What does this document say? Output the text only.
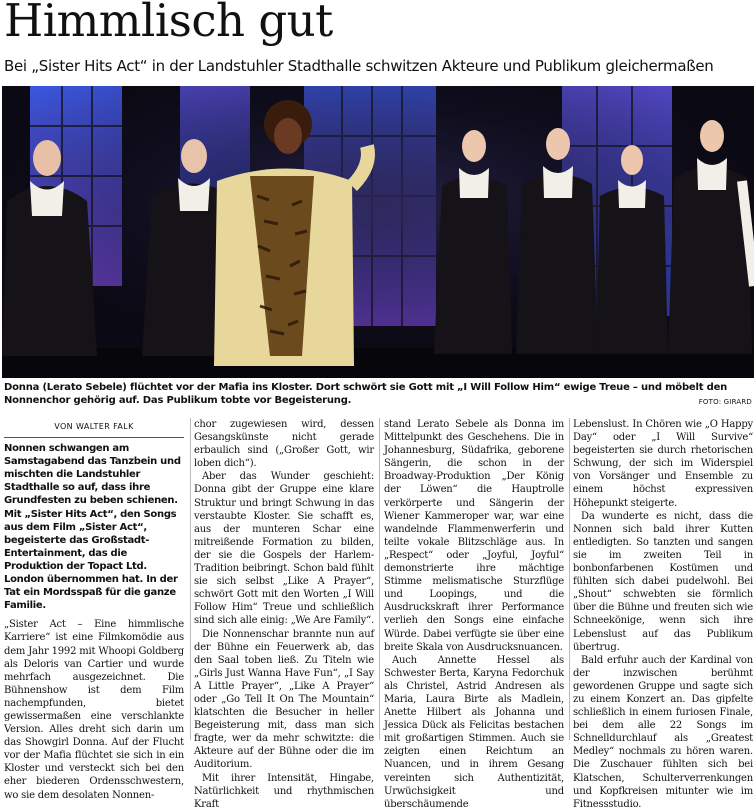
Himmlisch gut
Bei „Sister Hits Act“ in der Landstuhler Stadthalle schwitzen Akteure und Publikum gleichermaßen
Donna (Lerato Sebele) flüchtet vor der Mafia ins Kloster. Dort schwört sie Gott mit „I Will Follow Him“ ewige Treue – und möbelt den Nonnenchor gehörig auf. Das Publikum tobte vor Begeisterung.	FOTO: GIRARD
VON WALTER FALK
Nonnen schwangen am Samstagabend das Tanzbein und mischten die Landstuhler Stadthalle so auf, dass ihre Grundfesten zu beben schienen. Mit „Sister Hits Act“, den Songs aus dem Film „Sister Act“, begeisterte das Großstadt-Entertainment, das die Produktion der Topact Ltd. London übernommen hat. In der Tat ein Mordsspaß für die ganze Familie.

„Sister Act – Eine himmlische Karriere“ ist eine Filmkomödie aus dem Jahr 1992 mit Whoopi Goldberg als Deloris van Cartier und wurde mehrfach ausgezeichnet. Die Bühnenshow ist dem Film nachempfunden, bietet gewissermaßen eine verschlankte Version. Alles dreht sich darin um das Showgirl Donna. Auf der Flucht vor der Mafia flüchtet sie sich in ein Kloster und versteckt sich bei den eher biederen Ordensschwestern, wo sie dem desolaten Nonnen-

chor zugewiesen wird, dessen Gesangskünste nicht gerade erbaulich sind („Großer Gott, wir loben dich“).

Aber das Wunder geschieht: Donna gibt der Gruppe eine klare Struktur und bringt Schwung in das verstaubte Kloster. Sie schafft es, aus der munteren Schar eine mitreißende Formation zu bilden, der sie die Gospels der Harlem-Tradition beibringt. Schon bald fühlt sie sich selbst „Like A Prayer“, schwört Gott mit den Worten „I Will Follow Him“ Treue und schließlich sind sich alle einig: „We Are Family“.

Die Nonnenschar brannte nun auf der Bühne ein Feuerwerk ab, das den Saal toben ließ. Zu Titeln wie „Girls Just Wanna Have Fun“, „I Say A Little Prayer“, „Like A Prayer“ oder „Go Tell It On The Mountain“ klatschten die Besucher in heller Begeisterung mit, dass man sich fragte, wer da mehr schwitzte: die Akteure auf der Bühne oder die im Auditorium.

Mit ihrer Intensität, Hingabe, Natürlichkeit und rhythmischen Kraft

stand Lerato Sebele als Donna im Mittelpunkt des Geschehens. Die in Johannesburg, Südafrika, geborene Sängerin, die schon in der Broadway-Produktion „Der König der Löwen“ die Hauptrolle verkörperte und Sängerin der Wiener Kammeroper war, war eine wandelnde Flammenwerferin und teilte vokale Blitzschläge aus. In „Respect“ oder „Joyful, Joyful“ demonstrierte ihre mächtige Stimme melismatische Sturzflüge und Loopings, und die Ausdruckskraft ihrer Performance verlieh den Songs eine einfache Würde. Dabei verfügte sie über eine breite Skala von Ausdrucksnuancen.

Auch Annette Hessel als Schwester Berta, Karyna Fedorchuk als Christel, Astrid Andresen als Maria, Laura Birte als Madlein, Anette Hilbert als Johanna und Jessica Dück als Felicitas bestachen mit großartigen Stimmen. Auch sie zeigten einen Reichtum an Nuancen, und in ihrem Gesang vereinten sich Authentizität, Urwüchsigkeit und überschäumende

Lebenslust. In Chören wie „O Happy Day“ oder „I Will Survive“ begeisterten sie durch rhetorischen Schwung, der sich im Widerspiel von Vorsänger und Ensemble zu einem höchst expressiven Höhepunkt steigerte.

Da wunderte es nicht, dass die Nonnen sich bald ihrer Kutten entledigten. So tanzten und sangen sie im zweiten Teil in bonbonfarbenen Kostümen und fühlten sich dabei pudelwohl. Bei „Shout“ schwebten sie förmlich über die Bühne und freuten sich wie Schneekönige, wenn sich ihre Lebenslust auf das Publikum übertrug.

Bald erfuhr auch der Kardinal von der inzwischen berühmt gewordenen Gruppe und sagte sich zu einem Konzert an. Das gipfelte schließlich in einem furiosen Finale, bei dem alle 22 Songs im Schnelldurchlauf als „Greatest Medley“ nochmals zu hören waren. Die Zuschauer fühlten sich bei Klatschen, Schulterverrenkungen und Kopfkreisen mitunter wie im Fitnessstudio.
